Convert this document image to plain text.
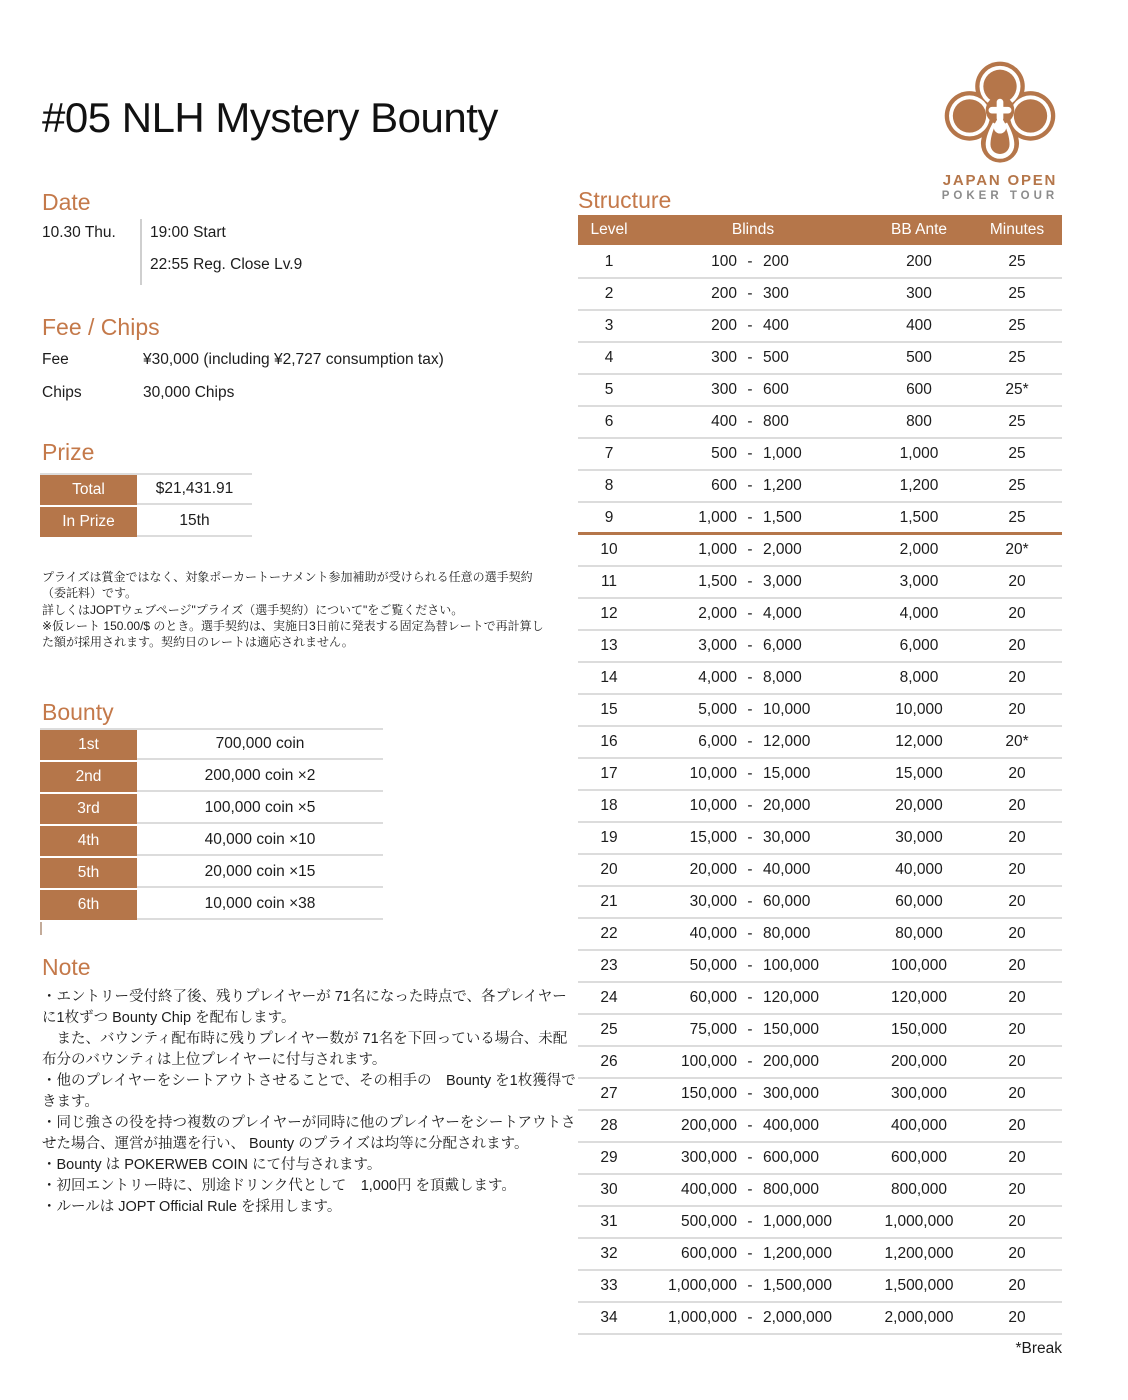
#05 NLH Mystery Bounty
JAPAN OPEN
POKER TOUR
Date
10.30 Thu. 19:00 Start
22:55 Reg. Close Lv.9
Fee / Chips
Fee	¥30,000 (including ¥2,727 consumption tax)
Chips	30,000 Chips
Prize
Total	$21,431.91
In Prize	15th
プライズは賞金ではなく、対象ポーカートーナメント参加補助が受けられる任意の選手契約（委託料）です。
詳しくはJOPTウェブページ"プライズ（選手契約）について"をご覧ください。
※仮レート 150.00/$ のとき。選手契約は、実施日3日前に発表する固定為替レートで再計算した額が採用されます。契約日のレートは適応されません。
Bounty
1st	700,000 coin
2nd	200,000 coin ×2
3rd	100,000 coin ×5
4th	40,000 coin ×10
5th	20,000 coin ×15
6th	10,000 coin ×38
Note
・エントリー受付終了後、残りプレイヤーが 71名になった時点で、各プレイヤーに1枚ずつ Bounty Chip を配布します。
　また、バウンティ配布時に残りプレイヤー数が 71名を下回っている場合、未配布分のバウンティは上位プレイヤーに付与されます。
・他のプレイヤーをシートアウトさせることで、その相手の　Bounty を1枚獲得できます。
・同じ強さの役を持つ複数のプレイヤーが同時に他のプレイヤーをシートアウトさせた場合、運営が抽選を行い、 Bounty のプライズは均等に分配されます。
・Bounty は POKERWEB COIN にて付与されます。
・初回エントリー時に、別途ドリンク代として　1,000円 を頂戴します。
・ルールは JOPT Official Rule を採用します。
Structure
Level	Blinds	BB Ante	Minutes
1	100 - 200	200	25
2	200 - 300	300	25
3	200 - 400	400	25
4	300 - 500	500	25
5	300 - 600	600	25*
6	400 - 800	800	25
7	500 - 1,000	1,000	25
8	600 - 1,200	1,200	25
9	1,000 - 1,500	1,500	25
10	1,000 - 2,000	2,000	20*
11	1,500 - 3,000	3,000	20
12	2,000 - 4,000	4,000	20
13	3,000 - 6,000	6,000	20
14	4,000 - 8,000	8,000	20
15	5,000 - 10,000	10,000	20
16	6,000 - 12,000	12,000	20*
17	10,000 - 15,000	15,000	20
18	10,000 - 20,000	20,000	20
19	15,000 - 30,000	30,000	20
20	20,000 - 40,000	40,000	20
21	30,000 - 60,000	60,000	20
22	40,000 - 80,000	80,000	20
23	50,000 - 100,000	100,000	20
24	60,000 - 120,000	120,000	20
25	75,000 - 150,000	150,000	20
26	100,000 - 200,000	200,000	20
27	150,000 - 300,000	300,000	20
28	200,000 - 400,000	400,000	20
29	300,000 - 600,000	600,000	20
30	400,000 - 800,000	800,000	20
31	500,000 - 1,000,000	1,000,000	20
32	600,000 - 1,200,000	1,200,000	20
33	1,000,000 - 1,500,000	1,500,000	20
34	1,000,000 - 2,000,000	2,000,000	20
*Break
